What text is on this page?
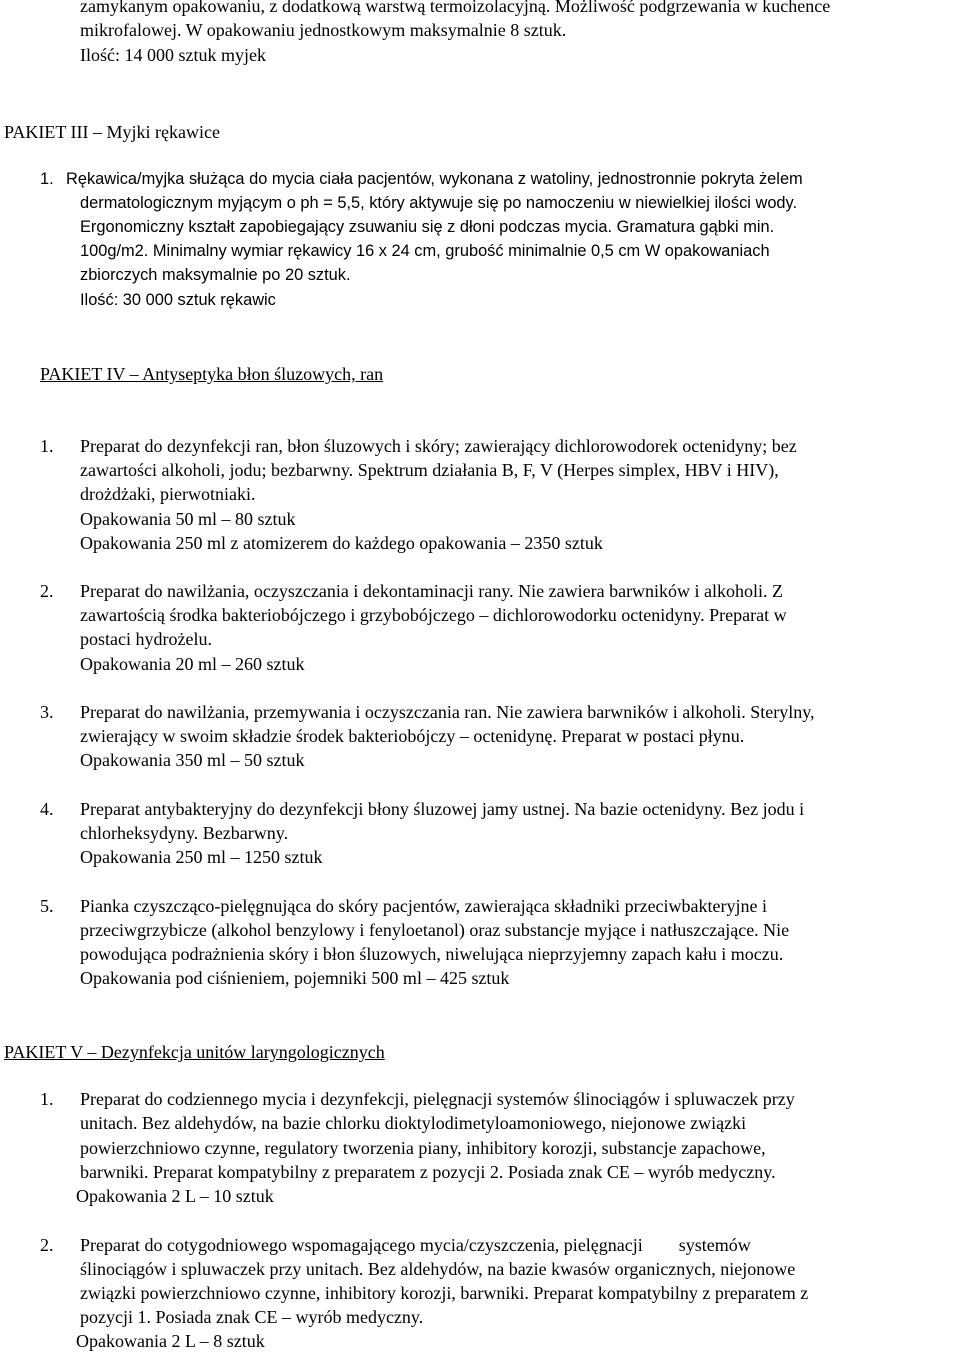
zamykanym opakowaniu, z dodatkową warstwą termoizolacyjną. Możliwość podgrzewania w kuchence
mikrofalowej. W opakowaniu jednostkowym maksymalnie 8 sztuk.
Ilość: 14 000 sztuk myjek
PAKIET III – Myjki rękawice
1. Rękawica/myjka służąca do mycia ciała pacjentów, wykonana z watoliny, jednostronnie pokryta żelem
dermatologicznym myjącym o ph = 5,5, który aktywuje się po namoczeniu w niewielkiej ilości wody.
Ergonomiczny kształt zapobiegający zsuwaniu się z dłoni podczas mycia. Gramatura gąbki min.
100g/m2. Minimalny wymiar rękawicy 16 x 24 cm, grubość minimalnie 0,5 cm W opakowaniach
zbiorczych maksymalnie po 20 sztuk.
Ilość: 30 000 sztuk rękawic
PAKIET IV – Antyseptyka błon śluzowych, ran
1. Preparat do dezynfekcji ran, błon śluzowych i skóry; zawierający dichlorowodorek octenidyny; bez
zawartości alkoholi, jodu; bezbarwny. Spektrum działania B, F, V (Herpes simplex, HBV i HIV),
drożdżaki, pierwotniaki.
Opakowania 50 ml – 80 sztuk
Opakowania 250 ml z atomizerem do każdego opakowania – 2350 sztuk
2. Preparat do nawilżania, oczyszczania i dekontaminacji rany. Nie zawiera barwników i alkoholi. Z
zawartością środka bakteriobójczego i grzybobójczego – dichlorowodorku octenidyny. Preparat w
postaci hydrożelu.
Opakowania 20 ml – 260 sztuk
3. Preparat do nawilżania, przemywania i oczyszczania ran. Nie zawiera barwników i alkoholi. Sterylny,
zwierający w swoim składzie środek bakteriobójczy – octenidynę. Preparat w postaci płynu.
Opakowania 350 ml – 50 sztuk
4. Preparat antybakteryjny do dezynfekcji błony śluzowej jamy ustnej. Na bazie octenidyny. Bez jodu i
chlorheksydyny. Bezbarwny.
Opakowania 250 ml – 1250 sztuk
5. Pianka czyszcząco-pielęgnująca do skóry pacjentów, zawierająca składniki przeciwbakteryjne i
przeciwgrzybicze (alkohol benzylowy i fenyloetanol) oraz substancje myjące i natłuszczające. Nie
powodująca podrażnienia skóry i błon śluzowych, niwelująca nieprzyjemny zapach kału i moczu.
Opakowania pod ciśnieniem, pojemniki 500 ml – 425 sztuk
PAKIET V – Dezynfekcja unitów laryngologicznych
1. Preparat do codziennego mycia i dezynfekcji, pielęgnacji systemów ślinociągów i spluwaczek przy
unitach. Bez aldehydów, na bazie chlorku dioktylodimetyloamoniowego, niejonowe związki
powierzchniowo czynne, regulatory tworzenia piany, inhibitory korozji, substancje zapachowe,
barwniki. Preparat kompatybilny z preparatem z pozycji 2. Posiada znak CE – wyrób medyczny.
Opakowania 2 L – 10 sztuk
2. Preparat do cotygodniowego wspomagającego mycia/czyszczenia, pielęgnacji        systemów
ślinociągów i spluwaczek przy unitach. Bez aldehydów, na bazie kwasów organicznych, niejonowe
związki powierzchniowo czynne, inhibitory korozji, barwniki. Preparat kompatybilny z preparatem z
pozycji 1. Posiada znak CE – wyrób medyczny.
Opakowania 2 L – 8 sztuk
